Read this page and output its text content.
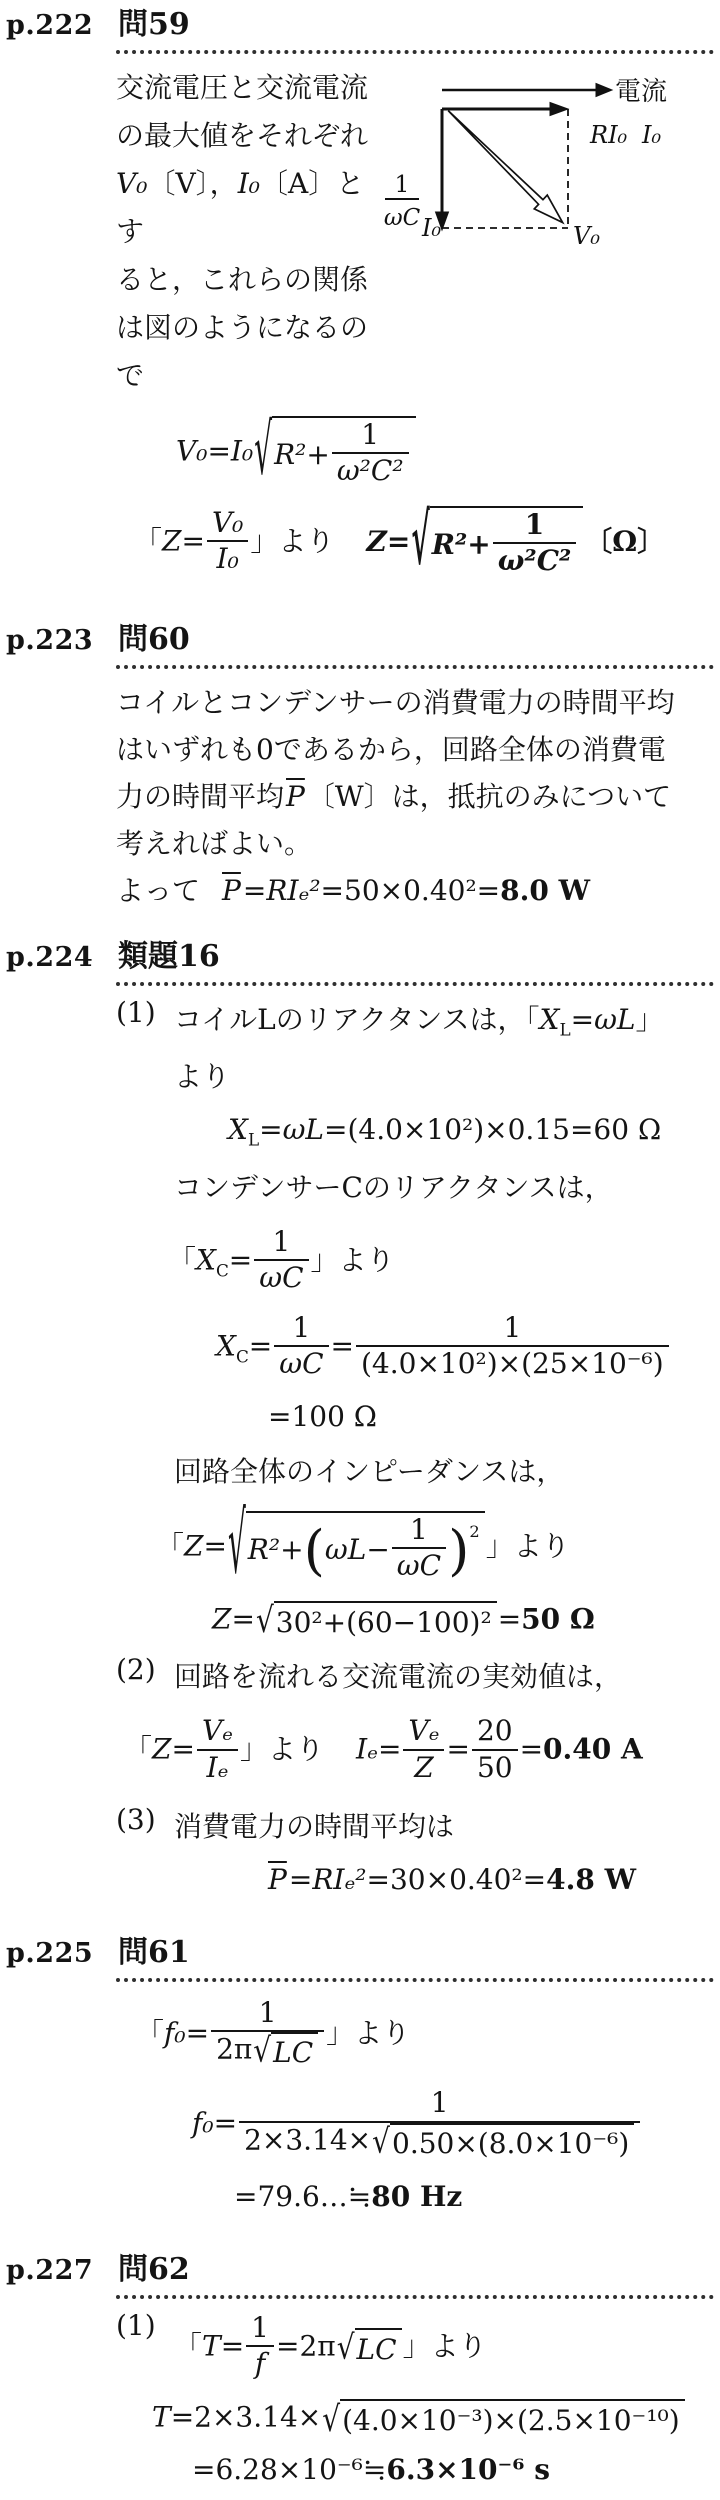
p.222 問59

交流電圧と交流電流

の最大値をそれぞれ

V₀〔V〕，I₀〔A〕とす

ると，これらの関係

は図のようになるので

電流
RI₀ I₀
1
ωC I₀	V₀
V₀=I₀ √ $R^2 + \frac{1}{\text{ω²C²}}$
「$Z= \frac{\text{V₀}}{\text{I₀}}$ 」より Z= √ $R^2 + \frac{1}{\text{ω²C²}}$ 〔Ω〕
p.223 問60

コイルとコンデンサーの消費電力の時間平均

はいずれも0であるから，回路全体の消費電

力の時間平均$\overline{P}$〔W〕は，抵抗のみについて

考えればよい。

よって $\overline{P}=RI_e^2=50\times 0.40^2=8.0$ W

p.224 類題16
(1) コイルLのリアクタンスは，「$X_L=\omega L$」

より

$X_L=\omega L=(4.0\times 10^2)\times 0.15=60$ Ω

コンデンサーCのリアクタンスは，

「$X_C= \frac{1}{\omega C}$ 」より
$X_C= \frac{1}{\omega C} = \frac{1}{\text{(4.0×10²)×(25×10⁻⁶)}}$
=100 Ω

回路全体のインピーダンスは，

「Z= √ R² + ( $\omega L - \frac{1}{\omega C}$ ) 2 」より
Z= √ 30²+(60−100)² =50 Ω
(2) 回路を流れる交流電流の実効値は，

「$Z= \frac{\text{Vₑ}}{\text{Iₑ}}$ 」より $I_e= \frac{\text{Vₑ}}{Z} = \frac{20}{50} =0.40$ A
(3) 消費電力の時間平均は

$\overline{P}=RI_e^2=30\times 0.40^2=4.8$ W
p.225 問61
「$f_0= \frac{1}{2\pi √ LC}$ 」より
$f_0= \frac{1}{\text{2×3.14× √ 0.50×(8.0×10⁻⁶)}}$
=79.6…≒80 Hz
p.227 問62
(1)
「$T= \frac{1}{f} =2\pi$ √ LC 」より
T=2×3.14× √ (4.0×10⁻³)×(2.5×10⁻¹⁰)
=6.28×10⁻⁶≒6.3×10⁻⁶ s
